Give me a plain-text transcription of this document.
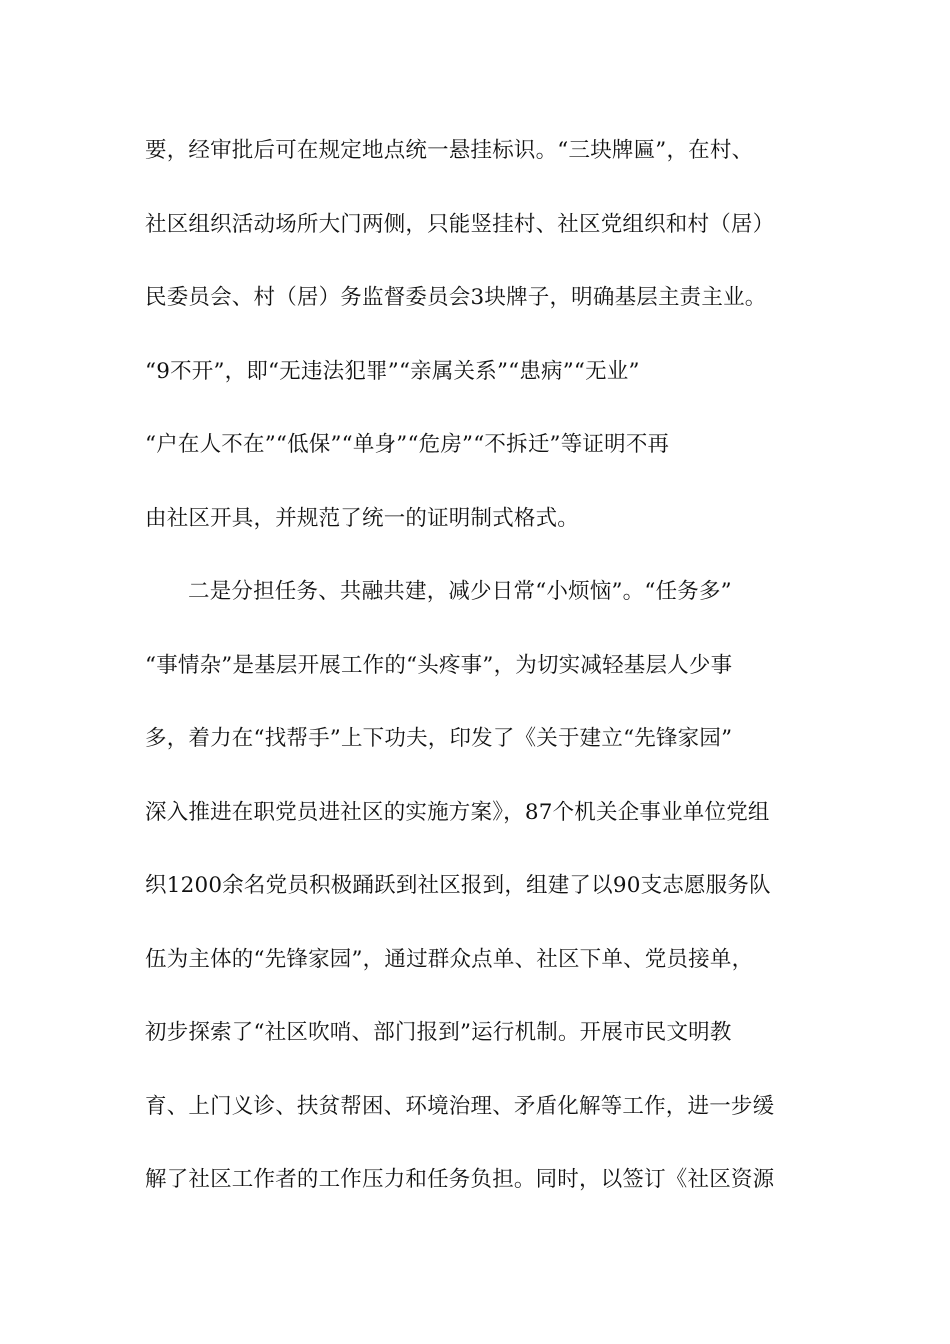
要，经审批后可在规定地点统一悬挂标识。“三块牌匾”，在村、
社区组织活动场所大门两侧，只能竖挂村、社区党组织和村（居）
民委员会、村（居）务监督委员会3块牌子，明确基层主责主业。
“9不开”，即“无违法犯罪”“亲属关系”“患病”“无业”
“户在人不在”“低保”“单身”“危房”“不拆迁”等证明不再
由社区开具，并规范了统一的证明制式格式。
二是分担任务、共融共建，减少日常“小烦恼”。“任务多”
“事情杂”是基层开展工作的“头疼事”，为切实减轻基层人少事
多，着力在“找帮手”上下功夫，印发了《关于建立“先锋家园”
深入推进在职党员进社区的实施方案》，87个机关企事业单位党组
织1200余名党员积极踊跃到社区报到，组建了以90支志愿服务队
伍为主体的“先锋家园”，通过群众点单、社区下单、党员接单，
初步探索了“社区吹哨、部门报到”运行机制。开展市民文明教
育、上门义诊、扶贫帮困、环境治理、矛盾化解等工作，进一步缓
解了社区工作者的工作压力和任务负担。同时，以签订《社区资源
